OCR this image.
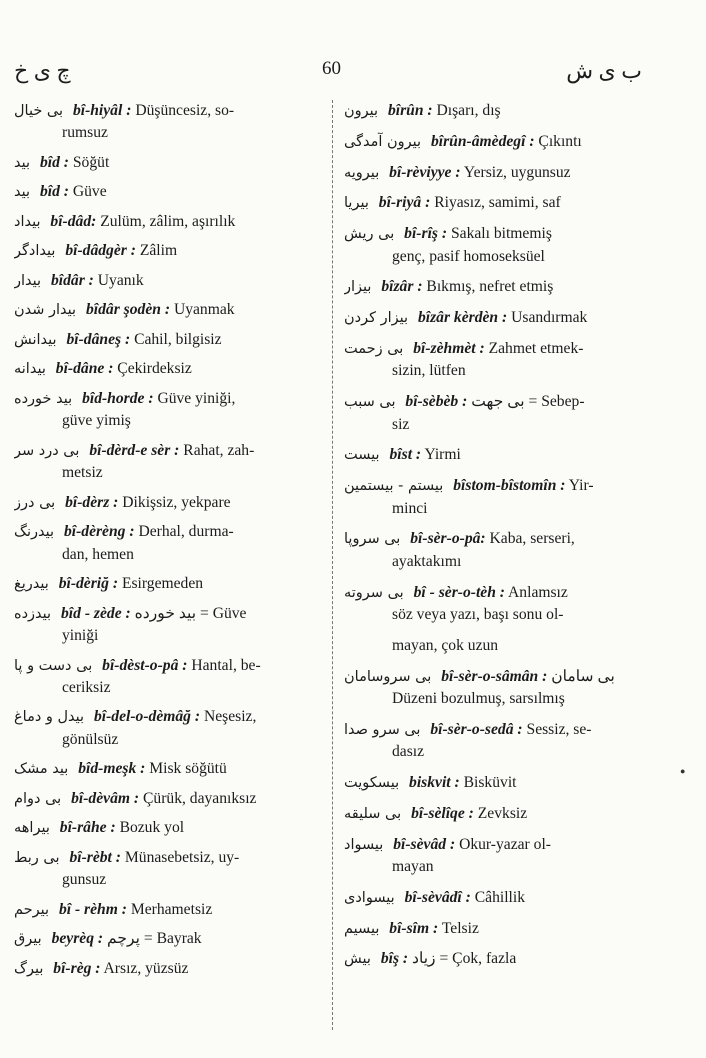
ﭺ ی خ	60	ب ی ش
●
بی خیال bî-hiyâl : Düşüncesiz, so-
rumsuz
بید bîd : Söğüt
بید bîd : Güve
بیداد bî-dâd: Zulüm, zâlim, aşırılık
بیدادگر bî-dâdgèr : Zâlim
بیدار bîdâr : Uyanık
بیدار شدن bîdâr şodèn : Uyanmak
بیدانش bî-dâneş : Cahil, bilgisiz
بیدانه bî-dâne : Çekirdeksiz
بید خورده bîd-horde : Güve yiniği,
güve yimiş
بی درد سر bî-dèrd-e sèr : Rahat, zah-
metsiz
بی درز bî-dèrz : Dikişsiz, yekpare
بیدرنگ bî-dèrèng : Derhal, durma-
dan, hemen
بیدریغ bî-dèriğ : Esirgemeden
بیدزده bîd - zède : بید خورده = Güve
yiniği
بی دست و پا bî-dèst-o-pâ : Hantal, be-
ceriksiz
بیدل و دماغ bî-del-o-dèmâğ : Neşesiz,
gönülsüz
بید مشک bîd-meşk : Misk söğütü
بی دوام bî-dèvâm : Çürük, dayanıksız
بیراهه bî-râhe : Bozuk yol
بی ربط bî-rèbt : Münasebetsiz, uy-
gunsuz
بیرحم bî - rèhm : Merhametsiz
بیرق beyrèq : پرچم = Bayrak
بیرگ bî-règ : Arsız, yüzsüz
بیرون bîrûn : Dışarı, dış
بیرون آمدگی bîrûn-âmèdegî : Çıkıntı
بیرویه bî-rèviyye : Yersiz, uygunsuz
بیریا bî-riyâ : Riyasız, samimi, saf
بی ریش bî-rîş : Sakalı bitmemiş
genç, pasif homoseksüel
بیزار bîzâr : Bıkmış, nefret etmiş
بیزار کردن bîzâr kèrdèn : Usandırmak
بی زحمت bî-zèhmèt : Zahmet etmek-
sizin, lütfen
بی سبب bî-sèbèb : بی جهت = Sebep-
siz
بیست bîst : Yirmi
بیستم - بیستمین bîstom-bîstomîn : Yir-
minci
بی سروپا bî-sèr-o-pâ: Kaba, serseri,
ayaktakımı
بی سروته bî - sèr-o-tèh : Anlamsız
söz veya yazı, başı sonu ol-
mayan, çok uzun
بی سروسامان bî-sèr-o-sâmân : بی سامان
Düzeni bozulmuş, sarsılmış
بی سرو صدا bî-sèr-o-sedâ : Sessiz, se-
dasız
بیسکویت biskvit : Bisküvit
بی سلیقه bî-sèlîqe : Zevksiz
بیسواد bî-sèvâd : Okur-yazar ol-
mayan
بیسوادی bî-sèvâdî : Câhillik
بیسیم bî-sîm : Telsiz
بیش bîş : زیاد = Çok, fazla
